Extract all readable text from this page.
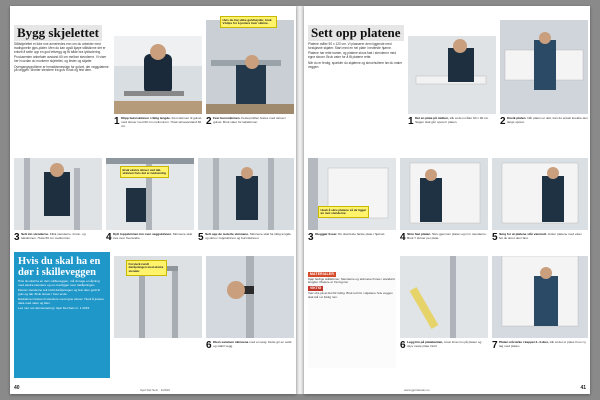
Bygg skjelettet

Stålskjelettet er ikke noe annerledes enn om du arbeider med tradisjonelle gips-plater. Men du kan også kjøpe stålskinne det er enkelt å sette opp en god lettvegg og få både bra lydisolering.

Produsenten anbefaler avstand 60 cm mellom stenderne. Vi viser her hvordan du monterer skjelettet, og fester og skjøter.

Overgangsprofilene er hensiktsmessige for gulvet, der veggplatene på veggen. Monter stendere fra gulv til tak og fest dem.

Hvis du har ulike gulvhøyder, bruk V-klips for å justere hver skinne.
1 Klipp bunnskinnen i riktig lengde. Fest skinnen til gulvet med skruer med 60 cm mellomrom. Husk skrueavstand 60 cm.	2 Fest bunnskinnen. Festeprofilen festes med skruer i gulvet. Bruk vater for takskinnen.
Bruk ekstra skruer ved tak-skinnen hvis det er nødvendig.
3 Sett inn stenderne. Klikk stenderne i bunn- og takskinnen. Husk 60 cm mellomrom.	4 Dytt toppskinnen inn over veggskinnen. Skinnene skal tres over hverandre.	5 Sett opp de isolerte skinnene. Skinnene skal ha riktig lengde og skrus i toppskinnen og bunnskinnen.
Hvis du skal ha en dør i skilleveggen

Hvis du skal ha en dør i skilleveggen, må du lage en åpning med ekstra stendere og en overligger over døråpningen.

Monter stenderne tett inntil døråpningen og fest dem godt til gulv og tak. Bruk skruer i hver ende.

Dørkarmen festes til stendere med egne skruer. Husk å justere døra med vater og kiler.

Les mer om dørmontering i Gjør Det Selv nr. 1 2015.

Forsterk rundt døråpningen med ekstra stender.
6 Klem sammen skinnene med en tang. Dette gir en solid og stabil vegg.
40	Gjør Det Selv · 1/2016
Sett opp platene

Platene måler 90 x 120 cm. Vi plasserer dem liggende med forskjøvne skjøter. Start med en hel plate i nederste hjørne.

Platene har rette kanter, og platene skrus fast i stenderne med egne skruer. Bruk vater for å få platene rette.

Når du er ferdig, sparkler du skjøtene og skruehullene før du maler veggen.

1 Del en plate på midten, slik at den måler 60 x 90 cm. Sagen skal gå i sporet i platen.	2 Kneik platen. Når platen er delt, kan du enkelt knekke den langs sporet.
Husk å skru platene så de ligger an mot stenderne.
3 Kleggjør lisser. Du skal feste første plate i hjørnet.	4 Skru fast platen. Skru gjennom platen og inn i stenderne. Bruk 7 skruer per plate.	5 Sørg for at platene står vannrett. Juster platene med vater før du skrur dem fast.
MATERIALER

Kjøp ferdige stålskinner. Stenderne og skinnene finnes i standard lengder. Platene er fra Gyproc.

VIKTIG

Vær obs på at det blir fuktig. Bruk tett lim i skjøtene hvis veggen skal stå i et fuktig rom.

6 Legg lim på platekanten, smør limet inn på platen og skyv neste plate inntil.	7 Platen må tørke i kappet 2–4 uker, slik at det er plass til en ny lag med platen.
www.gjordetselv.no	41
